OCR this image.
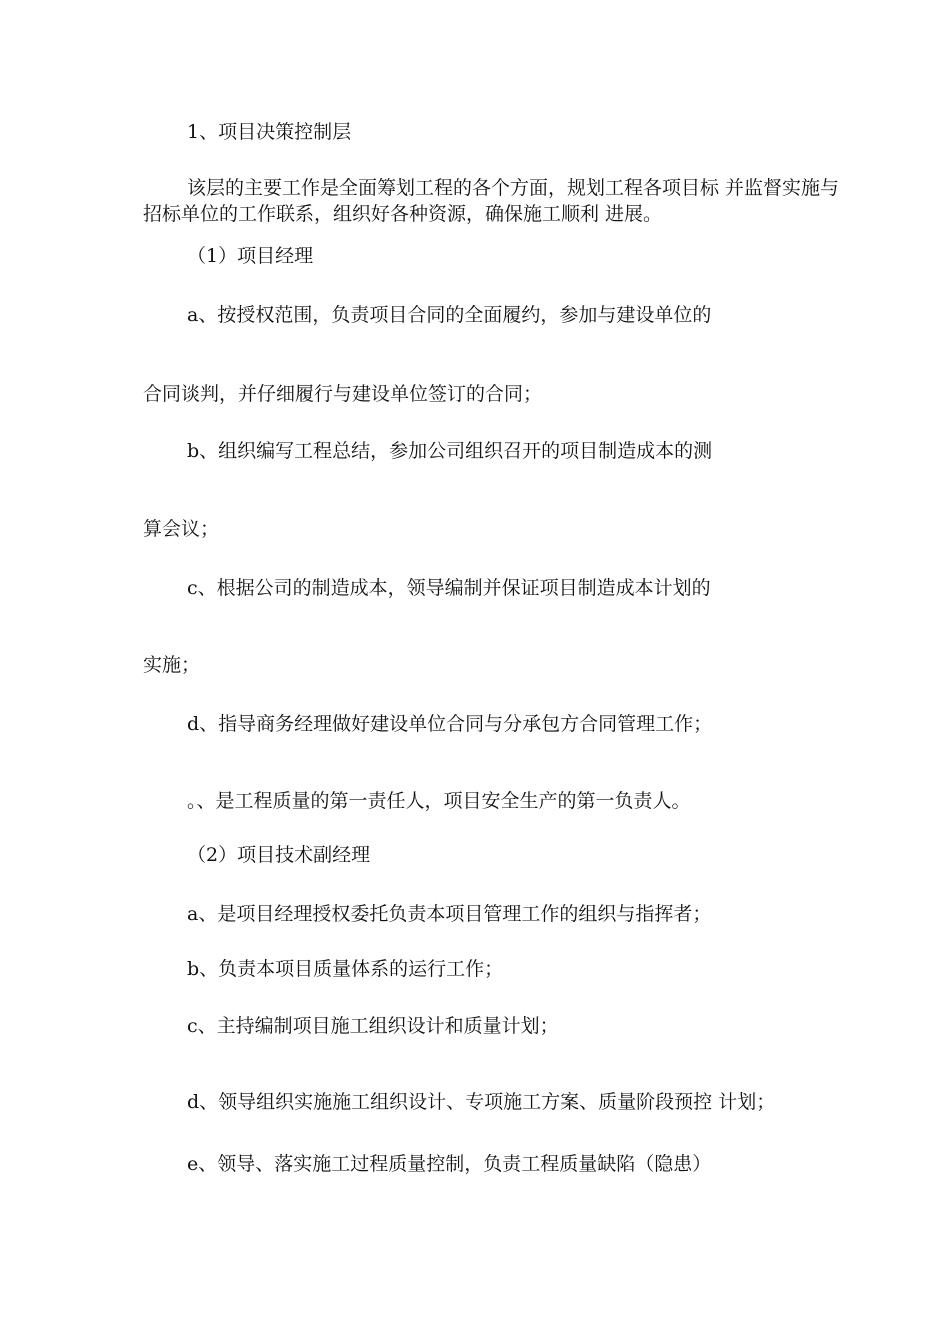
1、项目决策控制层

该层的主要工作是全面筹划工程的各个方面，规划工程各项目标 并监督实施与招标单位的工作联系，组织好各种资源，确保施工顺利 进展。

（1）项目经理

a、按授权范围，负责项目合同的全面履约，参加与建设单位的

合同谈判，并仔细履行与建设单位签订的合同；

b、组织编写工程总结，参加公司组织召开的项目制造成本的测

算会议；

c、根据公司的制造成本，领导编制并保证项目制造成本计划的

实施；

d、指导商务经理做好建设单位合同与分承包方合同管理工作；

。、是工程质量的第一责任人，项目安全生产的第一负责人。

（2）项目技术副经理

a、是项目经理授权委托负责本项目管理工作的组织与指挥者；

b、负责本项目质量体系的运行工作；

c、主持编制项目施工组织设计和质量计划；

d、领导组织实施施工组织设计、专项施工方案、质量阶段预控 计划；

e、领导、落实施工过程质量控制，负责工程质量缺陷（隐患）
